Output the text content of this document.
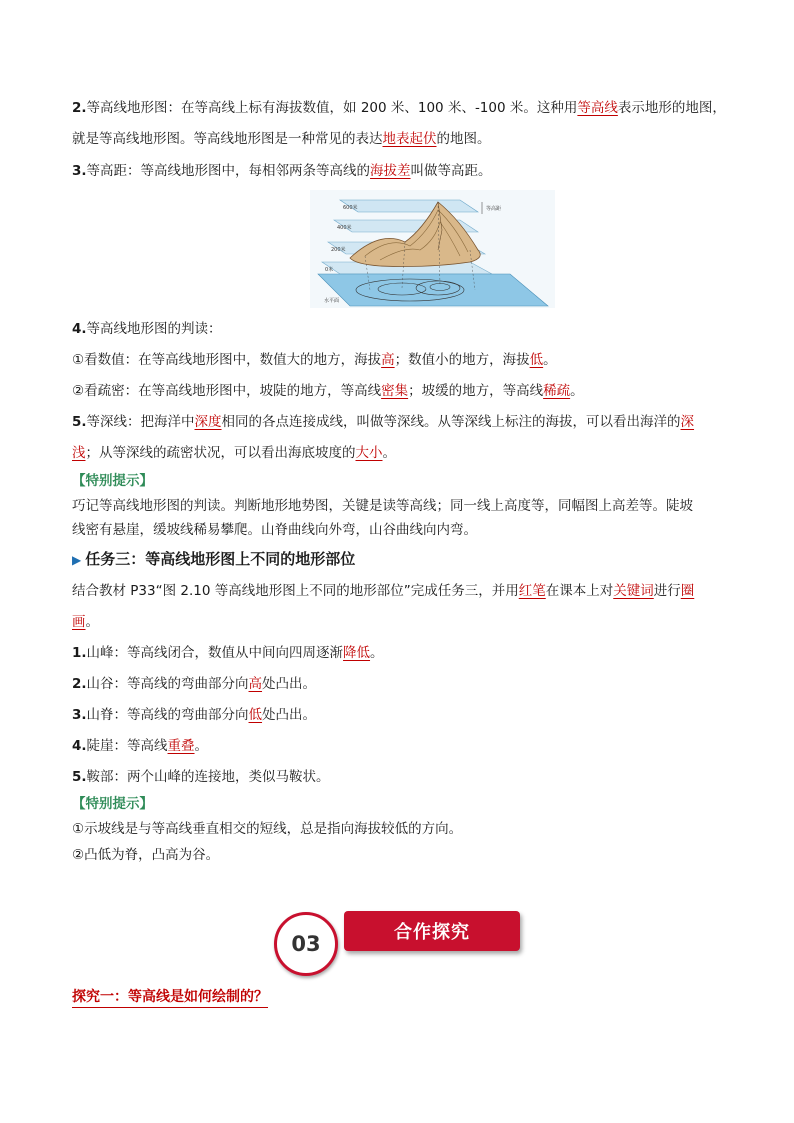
2.等高线地形图：在等高线上标有海拔数值，如 200 米、100 米、-100 米。这种用等高线表示地形的地图，
就是等高线地形图。等高线地形图是一种常见的表达地表起伏的地图。
3.等高距：等高线地形图中，每相邻两条等高线的海拔差叫做等高距。
600米
400米
200米
0米
等高距
水平面
4.等高线地形图的判读：
①看数值：在等高线地形图中，数值大的地方，海拔高；数值小的地方，海拔低。
②看疏密：在等高线地形图中，坡陡的地方，等高线密集；坡缓的地方，等高线稀疏。
5.等深线：把海洋中深度相同的各点连接成线，叫做等深线。从等深线上标注的海拔，可以看出海洋的深
浅；从等深线的疏密状况，可以看出海底坡度的大小。
【特别提示】
巧记等高线地形图的判读。判断地形地势图，关键是读等高线；同一线上高度等，同幅图上高差等。陡坡
线密有悬崖，缓坡线稀易攀爬。山脊曲线向外弯，山谷曲线向内弯。
▶ 任务三：等高线地形图上不同的地形部位
结合教材 P33“图 2.10 等高线地形图上不同的地形部位”完成任务三，并用红笔在课本上对关键词进行圈
画。
1.山峰：等高线闭合，数值从中间向四周逐渐降低。
2.山谷：等高线的弯曲部分向高处凸出。
3.山脊：等高线的弯曲部分向低处凸出。
4.陡崖：等高线重叠。
5.鞍部：两个山峰的连接地，类似马鞍状。
【特别提示】
①示坡线是与等高线垂直相交的短线，总是指向海拔较低的方向。
②凸低为脊，凸高为谷。
探究一：等高线是如何绘制的？
03	合作探究
